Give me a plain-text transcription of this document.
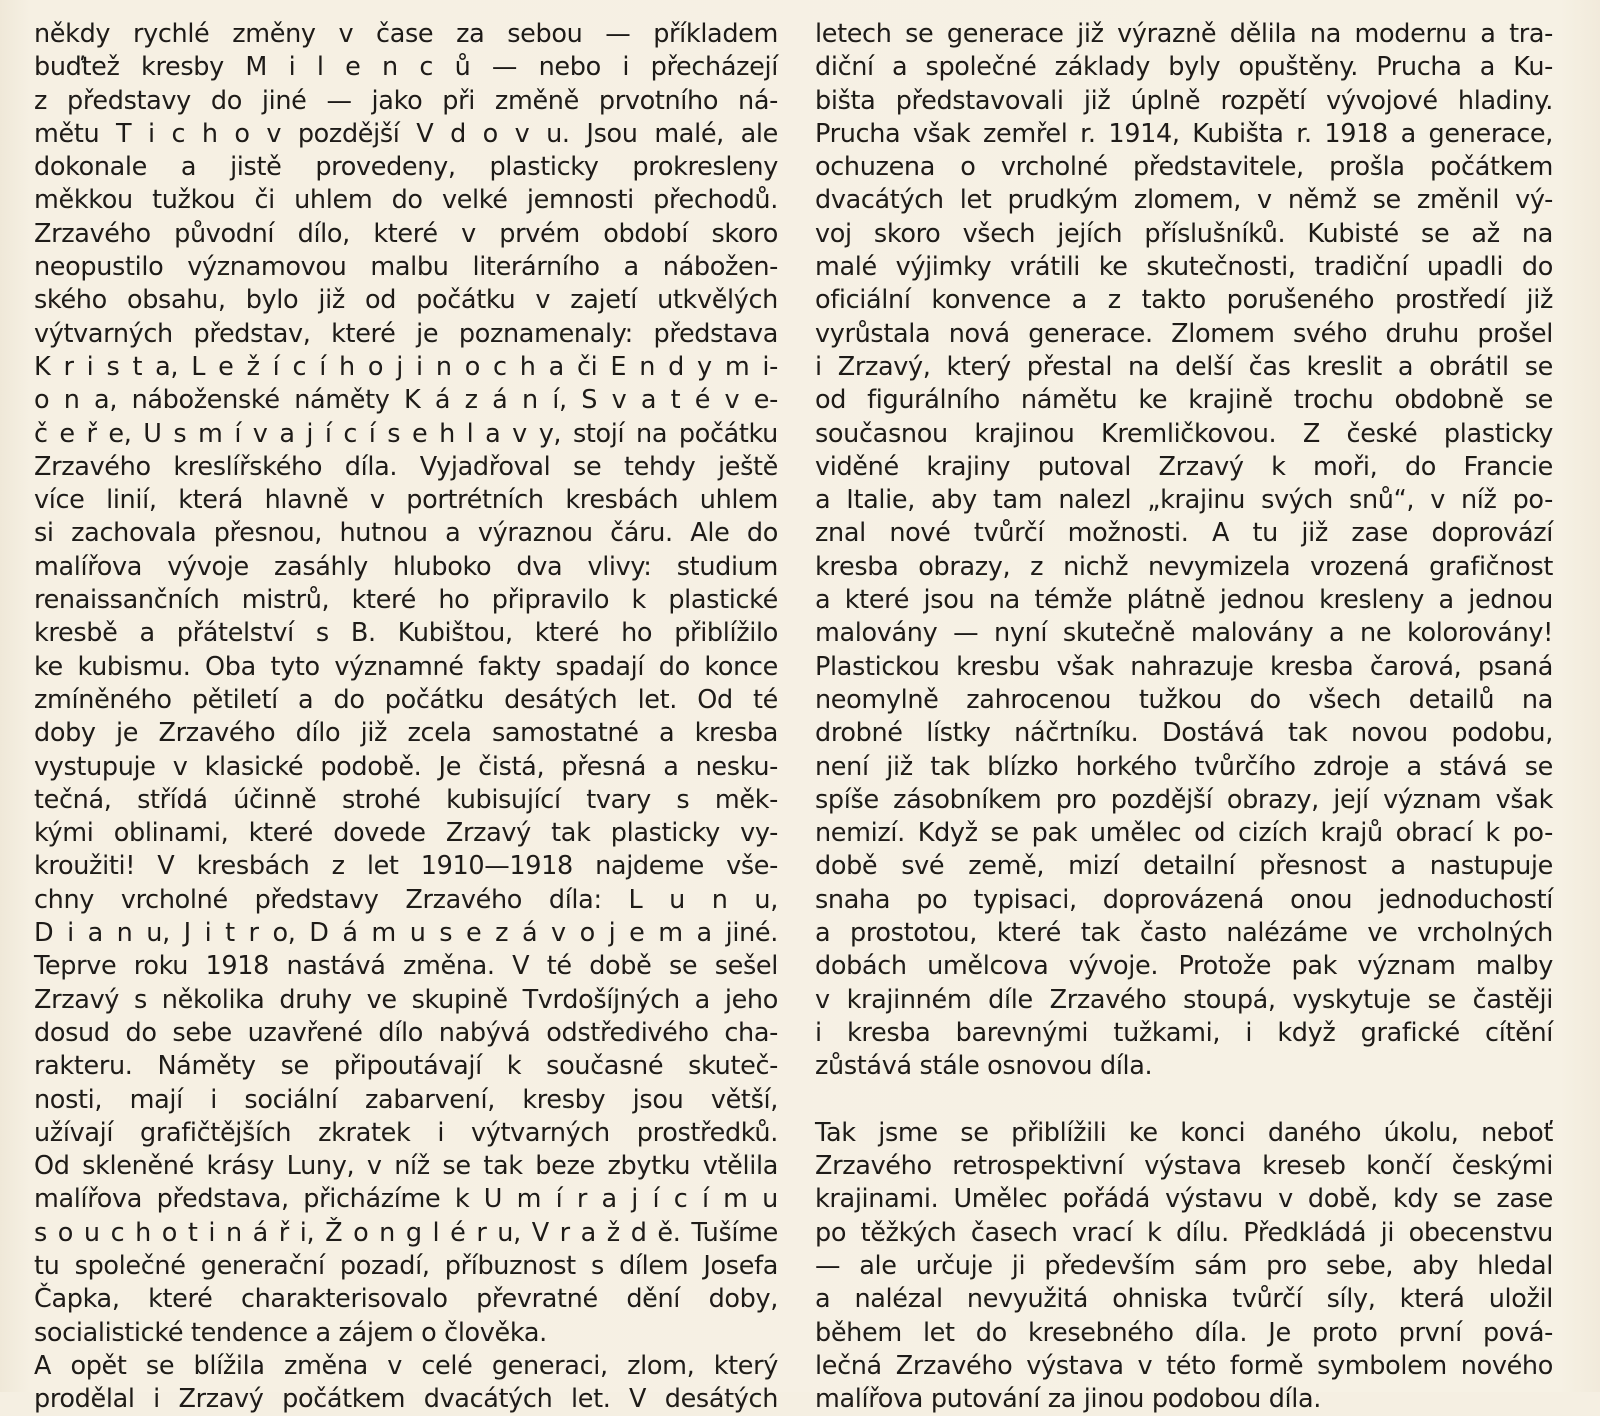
někdy rychlé změny v čase za sebou — příkladem
buďtež kresby M i l e n c ů — nebo i přecházejí
z představy do jiné — jako při změně prvotního ná-
mětu T i c h o v pozdější V d o v u. Jsou malé, ale
dokonale a jistě provedeny, plasticky prokresleny
měkkou tužkou či uhlem do velké jemnosti přechodů.
Zrzavého původní dílo, které v prvém období skoro
neopustilo významovou malbu literárního a nábožen-
ského obsahu, bylo již od počátku v zajetí utkvělých
výtvarných představ, které je poznamenaly: představa
K r i s t a, L e ž í c í h o j i n o c h a či E n d y m i-
o n a, náboženské náměty K á z á n í, S v a t é v e-
č e ř e, U s m í v a j í c í s e h l a v y, stojí na počátku
Zrzavého kreslířského díla. Vyjadřoval se tehdy ještě
více linií, která hlavně v portrétních kresbách uhlem
si zachovala přesnou, hutnou a výraznou čáru. Ale do
malířova vývoje zasáhly hluboko dva vlivy: studium
renaissančních mistrů, které ho připravilo k plastické
kresbě a přátelství s B. Kubištou, které ho přiblížilo
ke kubismu. Oba tyto významné fakty spadají do konce
zmíněného pětiletí a do počátku desátých let. Od té
doby je Zrzavého dílo již zcela samostatné a kresba
vystupuje v klasické podobě. Je čistá, přesná a nesku-
tečná, střídá účinně strohé kubisující tvary s měk-
kými oblinami, které dovede Zrzavý tak plasticky vy-
kroužiti! V kresbách z let 1910—1918 najdeme vše-
chny vrcholné představy Zrzavého díla: L u n u,
D i a n u, J i t r o, D á m u s e z á v o j e m a jiné.
Teprve roku 1918 nastává změna. V té době se sešel
Zrzavý s několika druhy ve skupině Tvrdošíjných a jeho
dosud do sebe uzavřené dílo nabývá odstředivého cha-
rakteru. Náměty se připoutávají k současné skuteč-
nosti, mají i sociální zabarvení, kresby jsou větší,
užívají grafičtějších zkratek i výtvarných prostředků.
Od skleněné krásy Luny, v níž se tak beze zbytku vtělila
malířova představa, přicházíme k U m í r a j í c í m u
s o u c h o t i n á ř i, Ž o n g l é r u, V r a ž d ě. Tušíme
tu společné generační pozadí, příbuznost s dílem Josefa
Čapka, které charakterisovalo převratné dění doby,
socialistické tendence a zájem o člověka.
A opět se blížila změna v celé generaci, zlom, který
prodělal i Zrzavý počátkem dvacátých let. V desátých
letech se generace již výrazně dělila na modernu a tra-
diční a společné základy byly opuštěny. Prucha a Ku-
bišta představovali již úplně rozpětí vývojové hladiny.
Prucha však zemřel r. 1914, Kubišta r. 1918 a generace,
ochuzena o vrcholné představitele, prošla počátkem
dvacátých let prudkým zlomem, v němž se změnil vý-
voj skoro všech jejích příslušníků. Kubisté se až na
malé výjimky vrátili ke skutečnosti, tradiční upadli do
oficiální konvence a z takto porušeného prostředí již
vyrůstala nová generace. Zlomem svého druhu prošel
i Zrzavý, který přestal na delší čas kreslit a obrátil se
od figurálního námětu ke krajině trochu obdobně se
současnou krajinou Kremličkovou. Z české plasticky
viděné krajiny putoval Zrzavý k moři, do Francie
a Italie, aby tam nalezl „krajinu svých snů“, v níž po-
znal nové tvůrčí možnosti. A tu již zase doprovází
kresba obrazy, z nichž nevymizela vrozená grafičnost
a které jsou na témže plátně jednou kresleny a jednou
malovány — nyní skutečně malovány a ne kolorovány!
Plastickou kresbu však nahrazuje kresba čarová, psaná
neomylně zahrocenou tužkou do všech detailů na
drobné lístky náčrtníku. Dostává tak novou podobu,
není již tak blízko horkého tvůrčího zdroje a stává se
spíše zásobníkem pro pozdější obrazy, její význam však
nemizí. Když se pak umělec od cizích krajů obrací k po-
době své země, mizí detailní přesnost a nastupuje
snaha po typisaci, doprovázená onou jednoduchostí
a prostotou, které tak často nalézáme ve vrcholných
dobách umělcova vývoje. Protože pak význam malby
v krajinném díle Zrzavého stoupá, vyskytuje se častěji
i kresba barevnými tužkami, i když grafické cítění
zůstává stále osnovou díla.
Tak jsme se přiblížili ke konci daného úkolu, neboť
Zrzavého retrospektivní výstava kreseb končí českými
krajinami. Umělec pořádá výstavu v době, kdy se zase
po těžkých časech vrací k dílu. Předkládá ji obecenstvu
— ale určuje ji především sám pro sebe, aby hledal
a nalézal nevyužitá ohniska tvůrčí síly, která uložil
během let do kresebného díla. Je proto první pová-
lečná Zrzavého výstava v této formě symbolem nového
malířova putování za jinou podobou díla.
